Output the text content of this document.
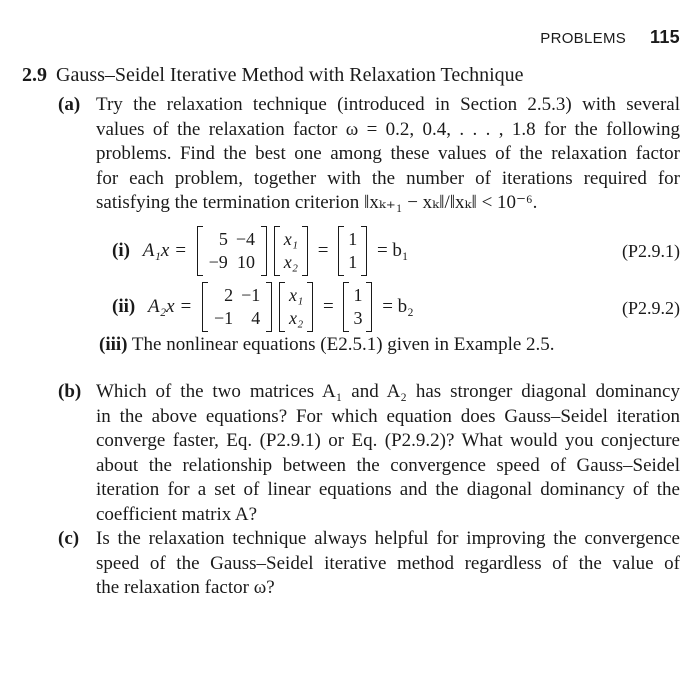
PROBLEMS 115
2.9 Gauss–Seidel Iterative Method with Relaxation Technique
(a) Try the relaxation technique (introduced in Section 2.5.3) with several
values of the relaxation factor ω = 0.2, 0.4, . . . , 1.8 for the following
problems. Find the best one among these values of the relaxation factor
for each problem, together with the number of iterations required for
satisfying the termination criterion ‖xₖ₊₁ − xₖ‖/‖xₖ‖ < 10⁻⁶.
(i) A₁x =
5	−4
−9	10

x₁
x₂
=
1
1
= b₁	(P2.9.1)
(ii) A₂x =
2	−1
−1	4

x₁
x₂
=
1
3
= b₂	(P2.9.2)
(iii) The nonlinear equations (E2.5.1) given in Example 2.5.
(b) Which of the two matrices A₁ and A₂ has stronger diagonal dominancy
in the above equations? For which equation does Gauss–Seidel iteration
converge faster, Eq. (P2.9.1) or Eq. (P2.9.2)? What would you conjecture
about the relationship between the convergence speed of Gauss–Seidel
iteration for a set of linear equations and the diagonal dominancy of the
coefficient matrix A?
(c) Is the relaxation technique always helpful for improving the convergence
speed of the Gauss–Seidel iterative method regardless of the value of
the relaxation factor ω?
